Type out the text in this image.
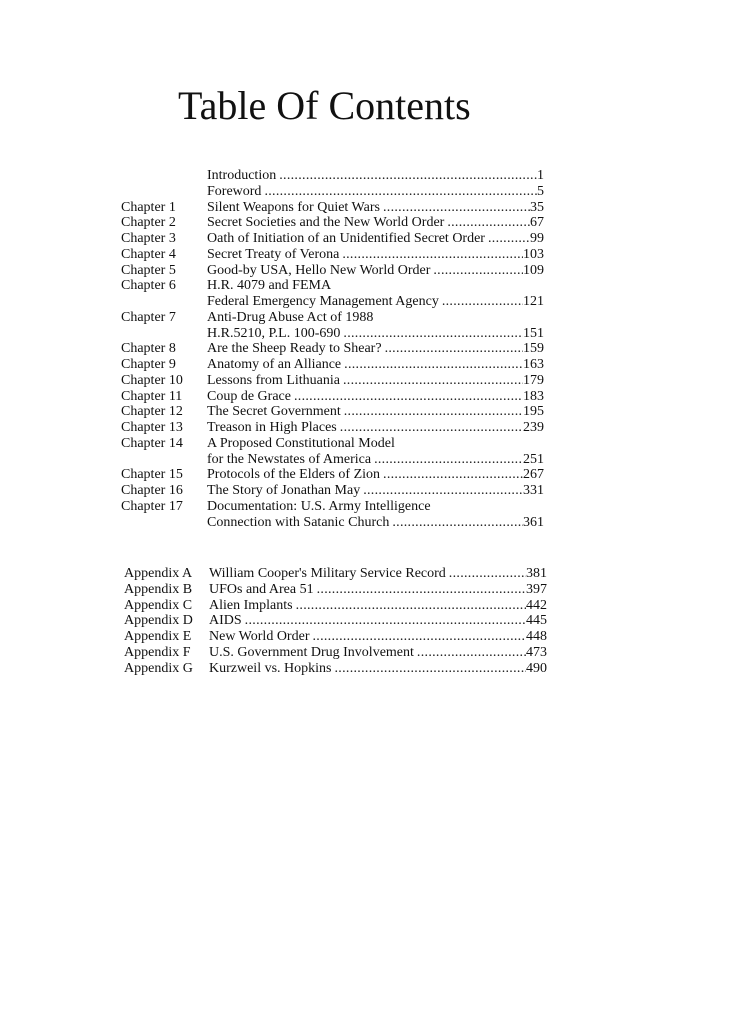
Table Of Contents
Introduction .....	1
Foreword .....	5
Chapter 1 Silent Weapons for Quiet Wars .....	35
Chapter 2 Secret Societies and the New World Order .....	67
Chapter 3 Oath of Initiation of an Unidentified Secret Order .....	99
Chapter 4 Secret Treaty of Verona .....	103
Chapter 5 Good-by USA, Hello New World Order .....	109
Chapter 6 H.R. 4079 and FEMA
Federal Emergency Management Agency .....	121
Chapter 7 Anti-Drug Abuse Act of 1988
H.R.5210, P.L. 100-690 .....	151
Chapter 8 Are the Sheep Ready to Shear? .....	159
Chapter 9 Anatomy of an Alliance .....	163
Chapter 10 Lessons from Lithuania .....	179
Chapter 11 Coup de Grace .....	183
Chapter 12 The Secret Government .....	195
Chapter 13 Treason in High Places .....	239
Chapter 14 A Proposed Constitutional Model
for the Newstates of America .....	251
Chapter 15 Protocols of the Elders of Zion .....	267
Chapter 16 The Story of Jonathan May .....	331
Chapter 17 Documentation: U.S. Army Intelligence
Connection with Satanic Church .....	361
Appendix A William Cooper's Military Service Record .....	381
Appendix B UFOs and Area 51 .....	397
Appendix C Alien Implants .....	442
Appendix D AIDS .....	445
Appendix E New World Order .....	448
Appendix F U.S. Government Drug Involvement .....	473
Appendix G Kurzweil vs. Hopkins .....	490
